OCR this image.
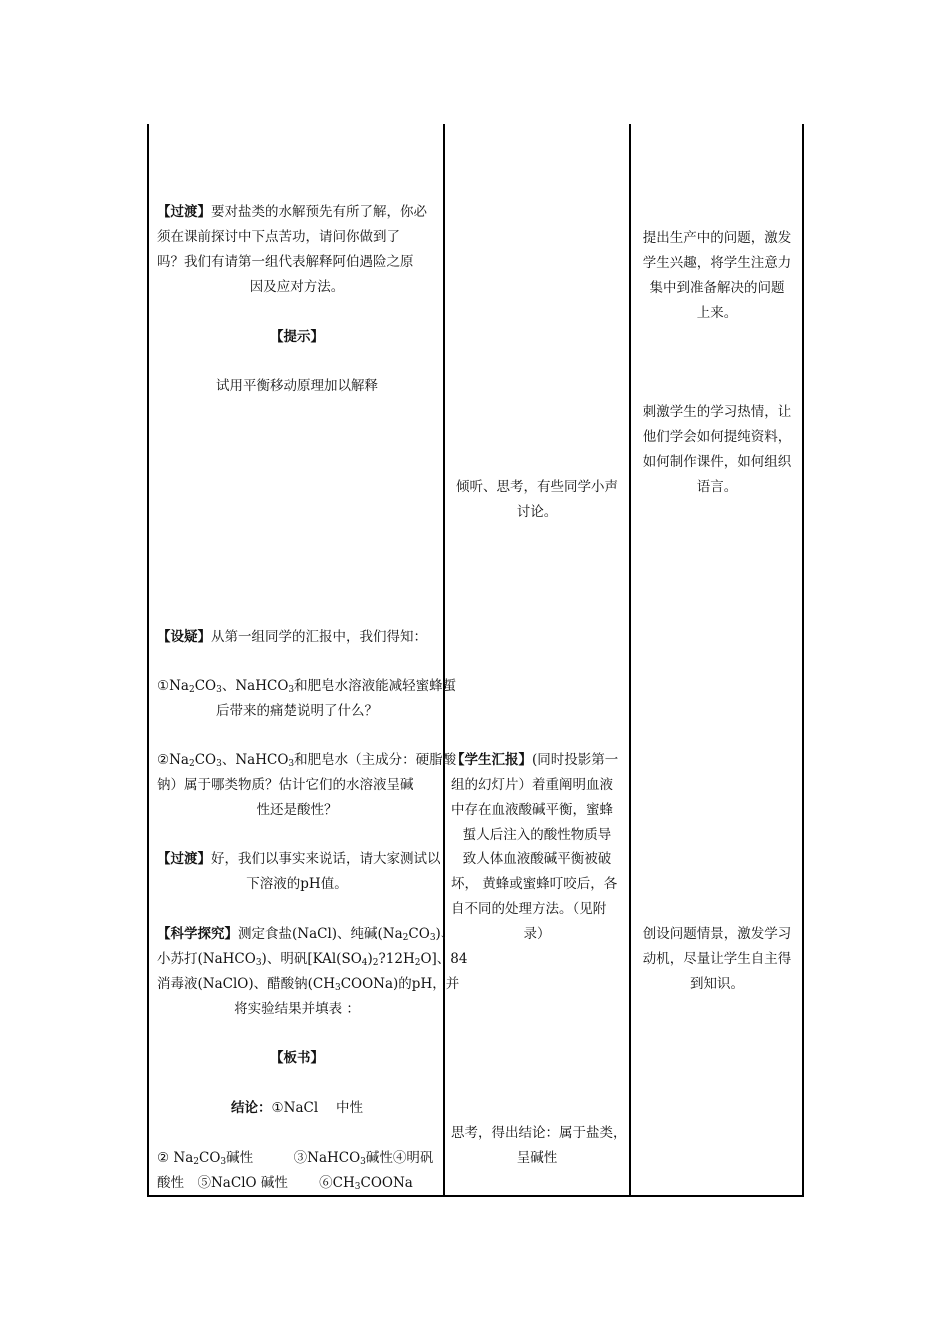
【过渡】要对盐类的水解预先有所了解，你必
须在课前探讨中下点苦功，请问你做到了
吗？我们有请第一组代表解释阿伯遇险之原
因及应对方法。
【提示】
试用平衡移动原理加以解释
【设疑】从第一组同学的汇报中，我们得知：
$①Na_2CO_3$、NaHCO$_3$和肥皂水溶液能减轻蜜蜂蜇
后带来的痛楚说明了什么？
$②Na_2CO_3$、NaHCO$_3$和肥皂水（主成分：硬脂酸
钠）属于哪类物质？估计它们的水溶液呈碱
性还是酸性？
【过渡】好，我们以事实来说话，请大家测试以
下溶液的pH值。
【科学探究】测定食盐(NaCl)、纯碱$(Na_2CO_3)$、
小苏打(NaHCO$_3$)、明矾$[KAl(SO_4)_2?12H_2O]$、84
消毒液(NaClO)、醋酸钠$(CH_3COONa)$的pH，并
将实验结果并填表 ：
【板书】
结论：①NaCl　 中性
② $Na_2CO_3$碱性　　　③NaHCO$_3$碱性④明矾
酸性　⑤NaClO 碱性　　 $⑥CH_3COONa$
倾听、思考，有些同学小声
讨论。
【学生汇报】(同时投影第一
组的幻灯片）着重阐明血液
中存在血液酸碱平衡，蜜蜂
蜇人后注入的酸性物质导
致人体血液酸碱平衡被破
坏， 黄蜂或蜜蜂叮咬后，各
自不同的处理方法。（见附
录）
思考，得出结论：属于盐类，
呈碱性
提出生产中的问题，激发
学生兴趣，将学生注意力
集中到准备解决的问题
上来。
刺激学生的学习热情，让
他们学会如何提纯资料，
如何制作课件，如何组织
语言。
创设问题情景，激发学习
动机，尽量让学生自主得
到知识。
